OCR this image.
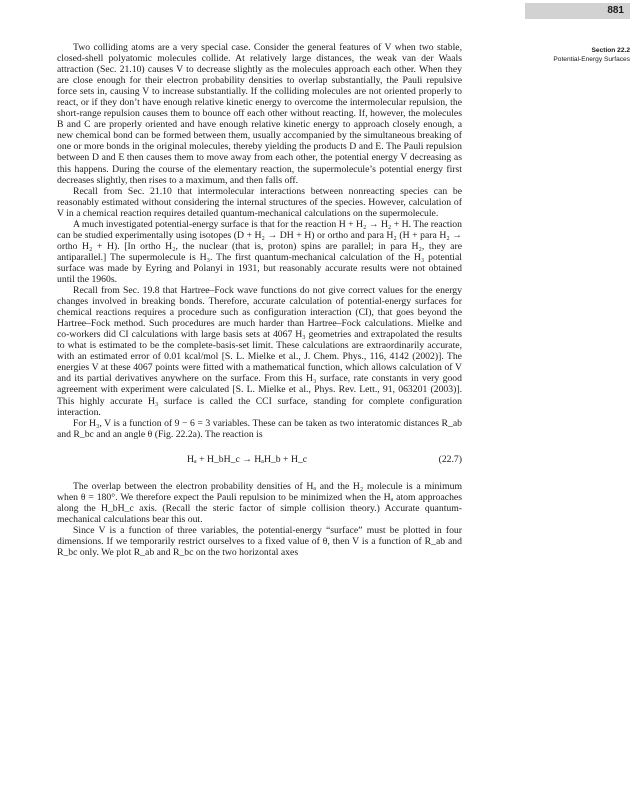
881
Section 22.2
Potential-Energy Surfaces

Two colliding atoms are a very special case. Consider the general features of V when two stable, closed-shell polyatomic molecules collide. At relatively large distances, the weak van der Waals attraction (Sec. 21.10) causes V to decrease slightly as the molecules approach each other. When they are close enough for their electron probability densities to overlap substantially, the Pauli repulsive force sets in, causing V to increase substantially. If the colliding molecules are not oriented properly to react, or if they don’t have enough relative kinetic energy to overcome the intermolecular repulsion, the short-range repulsion causes them to bounce off each other without reacting. If, however, the molecules B and C are properly oriented and have enough relative kinetic energy to approach closely enough, a new chemical bond can be formed between them, usually accompanied by the simultaneous breaking of one or more bonds in the original molecules, thereby yielding the products D and E. The Pauli repulsion between D and E then causes them to move away from each other, the potential energy V decreasing as this happens. During the course of the elementary reaction, the supermolecule’s potential energy first decreases slightly, then rises to a maximum, and then falls off.

Recall from Sec. 21.10 that intermolecular interactions between nonreacting species can be reasonably estimated without considering the internal structures of the species. However, calculation of V in a chemical reaction requires detailed quantum-mechanical calculations on the supermolecule.

A much investigated potential-energy surface is that for the reaction H + H₂ → H₂ + H. The reaction can be studied experimentally using isotopes (D + H₂ → DH + H) or ortho and para H₂ (H + para H₂ → ortho H₂ + H). [In ortho H₂, the nuclear (that is, proton) spins are parallel; in para H₂, they are antiparallel.] The supermolecule is H₃. The first quantum-mechanical calculation of the H₃ potential surface was made by Eyring and Polanyi in 1931, but reasonably accurate results were not obtained until the 1960s.

Recall from Sec. 19.8 that Hartree–Fock wave functions do not give correct values for the energy changes involved in breaking bonds. Therefore, accurate calculation of potential-energy surfaces for chemical reactions requires a procedure such as configuration interaction (CI), that goes beyond the Hartree–Fock method. Such procedures are much harder than Hartree–Fock calculations. Mielke and co-workers did CI calculations with large basis sets at 4067 H₃ geometries and extrapolated the results to what is estimated to be the complete-basis-set limit. These calculations are extraordinarily accurate, with an estimated error of 0.01 kcal/mol [S. L. Mielke et al., J. Chem. Phys., 116, 4142 (2002)]. The energies V at these 4067 points were fitted with a mathematical function, which allows calculation of V and its partial derivatives anywhere on the surface. From this H₃ surface, rate constants in very good agreement with experiment were calculated [S. L. Mielke et al., Phys. Rev. Lett., 91, 063201 (2003)]. This highly accurate H₃ surface is called the CCI surface, standing for complete configuration interaction.

For H₃, V is a function of 9 − 6 = 3 variables. These can be taken as two interatomic distances R_ab and R_bc and an angle θ (Fig. 22.2a). The reaction is

Hₐ + H_bH_c → HₐH_b + H_c	(22.7)

The overlap between the electron probability densities of Hₐ and the H₂ molecule is a minimum when θ = 180°. We therefore expect the Pauli repulsion to be minimized when the Hₐ atom approaches along the H_bH_c axis. (Recall the steric factor of simple collision theory.) Accurate quantum-mechanical calculations bear this out.

Since V is a function of three variables, the potential-energy “surface” must be plotted in four dimensions. If we temporarily restrict ourselves to a fixed value of θ, then V is a function of R_ab and R_bc only. We plot R_ab and R_bc on the two horizontal axes
